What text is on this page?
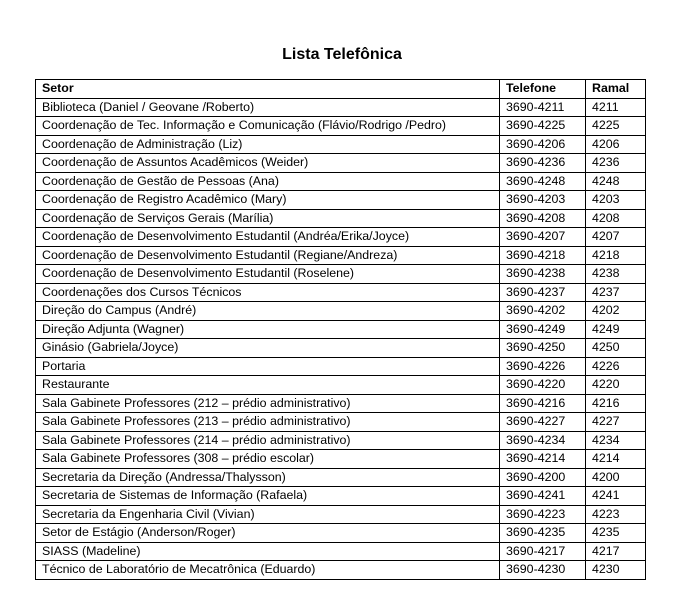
Lista Telefônica
Setor	Telefone	Ramal
Biblioteca (Daniel / Geovane /Roberto)	3690-4211	4211
Coordenação de Tec. Informação e Comunicação (Flávio/Rodrigo /Pedro)	3690-4225	4225
Coordenação de Administração (Liz)	3690-4206	4206
Coordenação de Assuntos Acadêmicos (Weider)	3690-4236	4236
Coordenação de Gestão de Pessoas (Ana)	3690-4248	4248
Coordenação de Registro Acadêmico (Mary)	3690-4203	4203
Coordenação de Serviços Gerais (Marília)	3690-4208	4208
Coordenação de Desenvolvimento Estudantil (Andréa/Erika/Joyce)	3690-4207	4207
Coordenação de Desenvolvimento Estudantil (Regiane/Andreza)	3690-4218	4218
Coordenação de Desenvolvimento Estudantil (Roselene)	3690-4238	4238
Coordenações dos Cursos Técnicos	3690-4237	4237
Direção do Campus (André)	3690-4202	4202
Direção Adjunta (Wagner)	3690-4249	4249
Ginásio (Gabriela/Joyce)	3690-4250	4250
Portaria	3690-4226	4226
Restaurante	3690-4220	4220
Sala Gabinete Professores (212 – prédio administrativo)	3690-4216	4216
Sala Gabinete Professores (213 – prédio administrativo)	3690-4227	4227
Sala Gabinete Professores (214 – prédio administrativo)	3690-4234	4234
Sala Gabinete Professores (308 – prédio escolar)	3690-4214	4214
Secretaria da Direção (Andressa/Thalysson)	3690-4200	4200
Secretaria de Sistemas de Informação (Rafaela)	3690-4241	4241
Secretaria da Engenharia Civil (Vivian)	3690-4223	4223
Setor de Estágio (Anderson/Roger)	3690-4235	4235
SIASS (Madeline)	3690-4217	4217
Técnico de Laboratório de Mecatrônica (Eduardo)	3690-4230	4230
